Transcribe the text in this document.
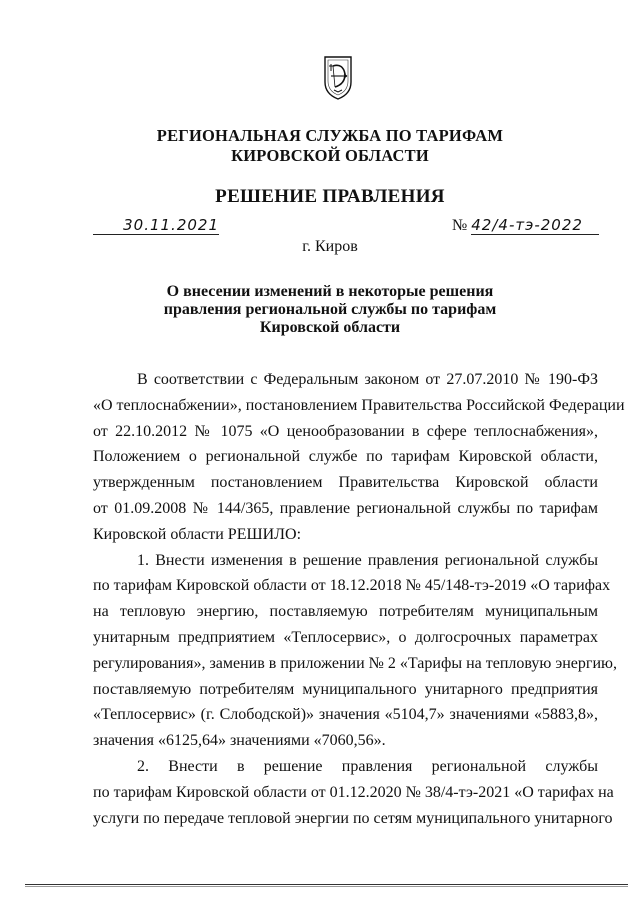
РЕГИОНАЛЬНАЯ СЛУЖБА ПО ТАРИФАМ
КИРОВСКОЙ ОБЛАСТИ
РЕШЕНИЕ ПРАВЛЕНИЯ
30.11.2021	№ 42/4-тэ-2022
г. Киров
О внесении изменений в некоторые решения
правления региональной службы по тарифам
Кировской области
В соответствии с Федеральным законом от 27.07.2010 № 190-ФЗ
«О теплоснабжении», постановлением Правительства Российской Федерации
от 22.10.2012 № 1075 «О ценообразовании в сфере теплоснабжения»,
Положением о региональной службе по тарифам Кировской области,
утвержденным постановлением Правительства Кировской области
от 01.09.2008 № 144/365, правление региональной службы по тарифам
Кировской области РЕШИЛО:
1. Внести изменения в решение правления региональной службы
по тарифам Кировской области от 18.12.2018 № 45/148-тэ-2019 «О тарифах
на тепловую энергию, поставляемую потребителям муниципальным
унитарным предприятием «Теплосервис», о долгосрочных параметрах
регулирования», заменив в приложении № 2 «Тарифы на тепловую энергию,
поставляемую потребителям муниципального унитарного предприятия
«Теплосервис» (г. Слободской)» значения «5104,7» значениями «5883,8»,
значения «6125,64» значениями «7060,56».
2. Внести в решение правления региональной службы
по тарифам Кировской области от 01.12.2020 № 38/4-тэ-2021 «О тарифах на
услуги по передаче тепловой энергии по сетям муниципального унитарного
